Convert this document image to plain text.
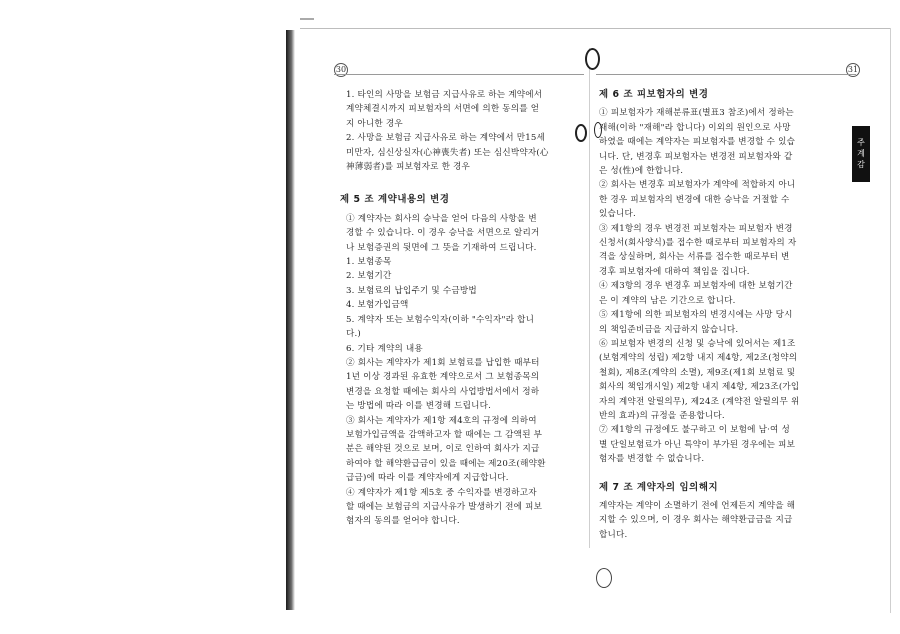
30	31
1. 타인의 사망을 보험금 지급사유로 하는 계약에서
계약체결시까지 피보험자의 서면에 의한 동의를 얻
지 아니한 경우
2. 사망을 보험금 지급사유로 하는 계약에서 만15세
미만자, 심신상실자(心神喪失者) 또는 심신박약자(心
神薄弱者)를 피보험자로 한 경우
제 5 조 계약내용의 변경
① 계약자는 회사의 승낙을 얻어 다음의 사항을 변
경할 수 있습니다. 이 경우 승낙을 서면으로 알리거
나 보험증권의 뒷면에 그 뜻을 기재하여 드립니다.
1. 보험종목
2. 보험기간
3. 보험료의 납입주기 및 수금방법
4. 보험가입금액
5. 계약자 또는 보험수익자(이하 "수익자"라 합니
다.)
6. 기타 계약의 내용
② 회사는 계약자가 제1회 보험료를 납입한 때부터
1년 이상 경과된 유효한 계약으로서 그 보험종목의
변경을 요청할 때에는 회사의 사업방법서에서 정하
는 방법에 따라 이를 변경해 드립니다.
③ 회사는 계약자가 제1항 제4호의 규정에 의하여
보험가입금액을 감액하고자 할 때에는 그 감액된 부
분은 해약된 것으로 보며, 이로 인하여 회사가 지급
하여야 할 해약환급금이 있을 때에는 제20조(해약환
급금)에 따라 이를 계약자에게 지급합니다.
④ 계약자가 제1항 제5호 중 수익자를 변경하고자
할 때에는 보험금의 지급사유가 발생하기 전에 피보
험자의 동의를 얻어야 합니다.
제 6 조 피보험자의 변경
① 피보험자가 재해분류표(별표3 참조)에서 정하는
재해(이하 "재해"라 합니다) 이외의 원인으로 사망
하였을 때에는 계약자는 피보험자를 변경할 수 있습
니다. 단, 변경후 피보험자는 변경전 피보험자와 같
은 성(性)에 한합니다.
② 회사는 변경후 피보험자가 계약에 적합하지 아니
한 경우 피보험자의 변경에 대한 승낙을 거절할 수
있습니다.
③ 제1항의 경우 변경전 피보험자는 피보험자 변경
신청서(회사양식)를 접수한 때로부터 피보험자의 자
격을 상실하며, 회사는 서류를 접수한 때로부터 변
경후 피보험자에 대하여 책임을 집니다.
④ 제3항의 경우 변경후 피보험자에 대한 보험기간
은 이 계약의 남은 기간으로 합니다.
⑤ 제1항에 의한 피보험자의 변경시에는 사망 당시
의 책임준비금을 지급하지 않습니다.
⑥ 피보험자 변경의 신청 및 승낙에 있어서는 제1조
(보험계약의 성립) 제2항 내지 제4항, 제2조(청약의
철회), 제8조(계약의 소멸), 제9조(제1회 보험료 및
회사의 책임개시일) 제2항 내지 제4항, 제23조(가입
자의 계약전 알릴의무), 제24조 (계약전 알릴의무 위
반의 효과)의 규정을 준용합니다.
⑦ 제1항의 규정에도 불구하고 이 보험에 남·여 성
별 단일보험료가 아닌 특약이 부가된 경우에는 피보
험자를 변경할 수 없습니다.
제 7 조 계약자의 임의해지
계약자는 계약이 소멸하기 전에 언제든지 계약을 해
지할 수 있으며, 이 경우 회사는 해약환급금을 지급
합니다.
주계감
